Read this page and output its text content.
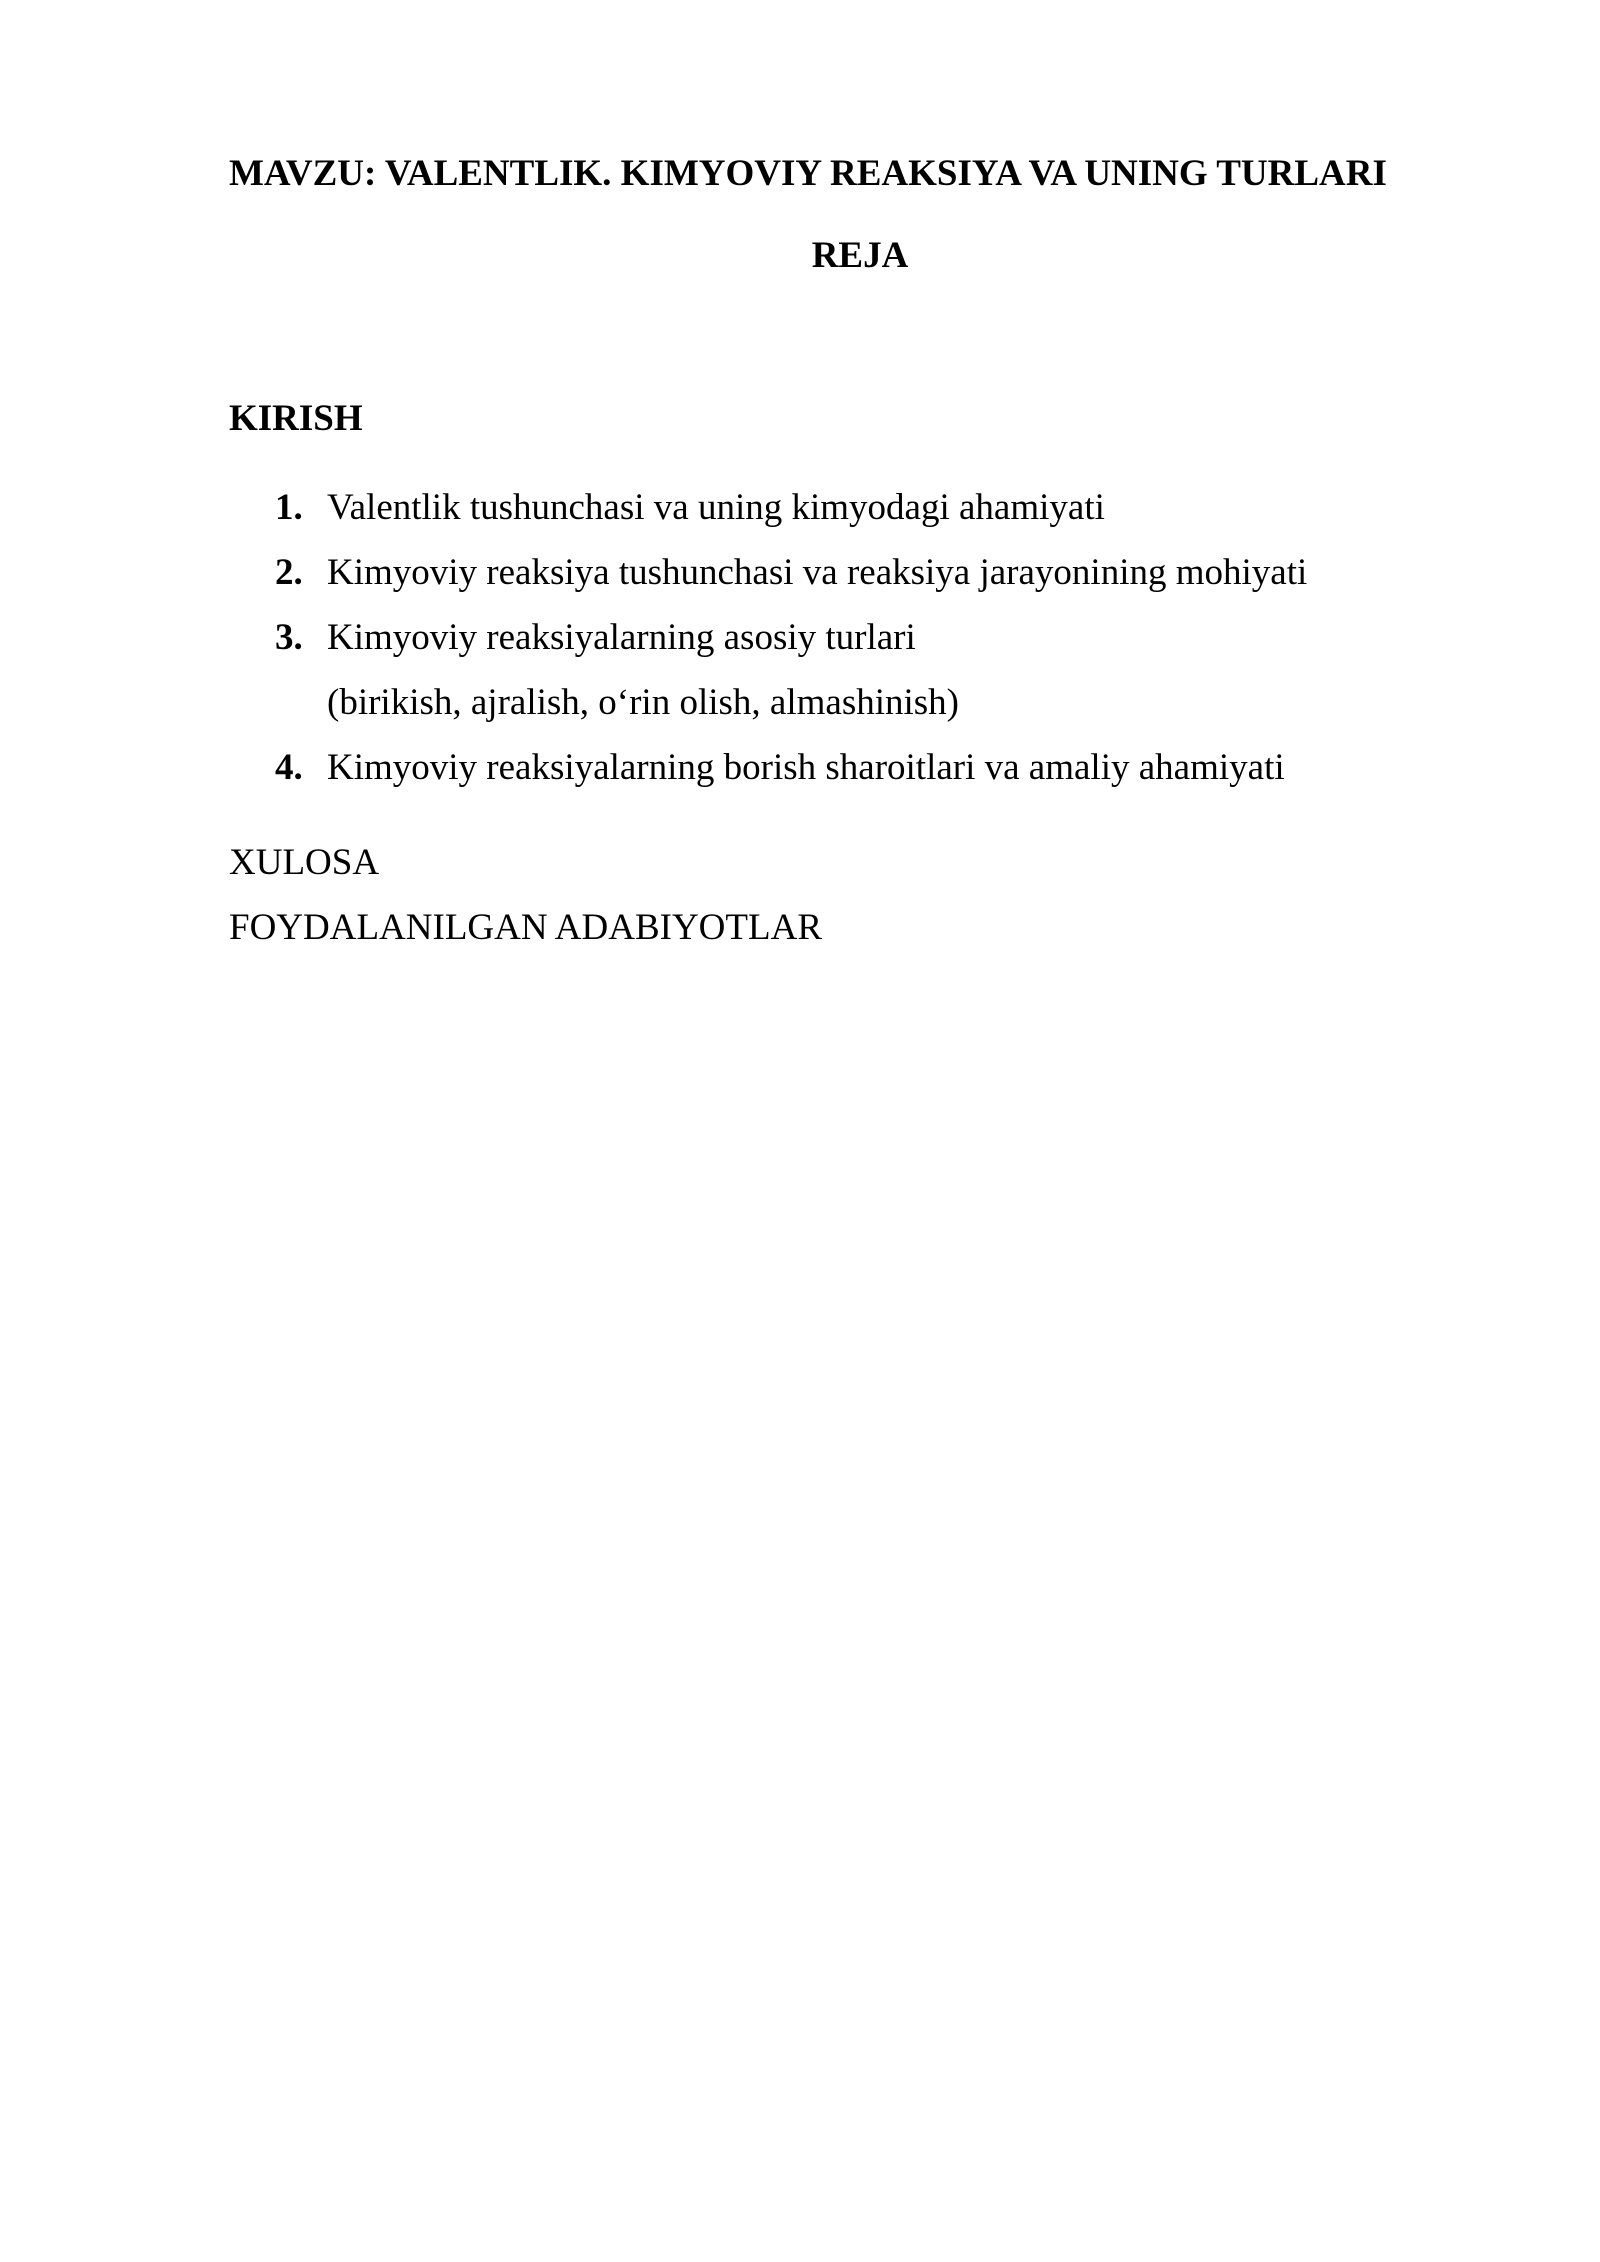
MAVZU: VALENTLIK. KIMYOVIY REAKSIYA VA UNING TURLARI
REJA
KIRISH
1. Valentlik tushunchasi va uning kimyodagi ahamiyati
2. Kimyoviy reaksiya tushunchasi va reaksiya jarayonining mohiyati
3. Kimyoviy reaksiyalarning asosiy turlari
(birikish, ajralish, o‘rin olish, almashinish)
4. Kimyoviy reaksiyalarning borish sharoitlari va amaliy ahamiyati
XULOSA
FOYDALANILGAN ADABIYOTLAR
